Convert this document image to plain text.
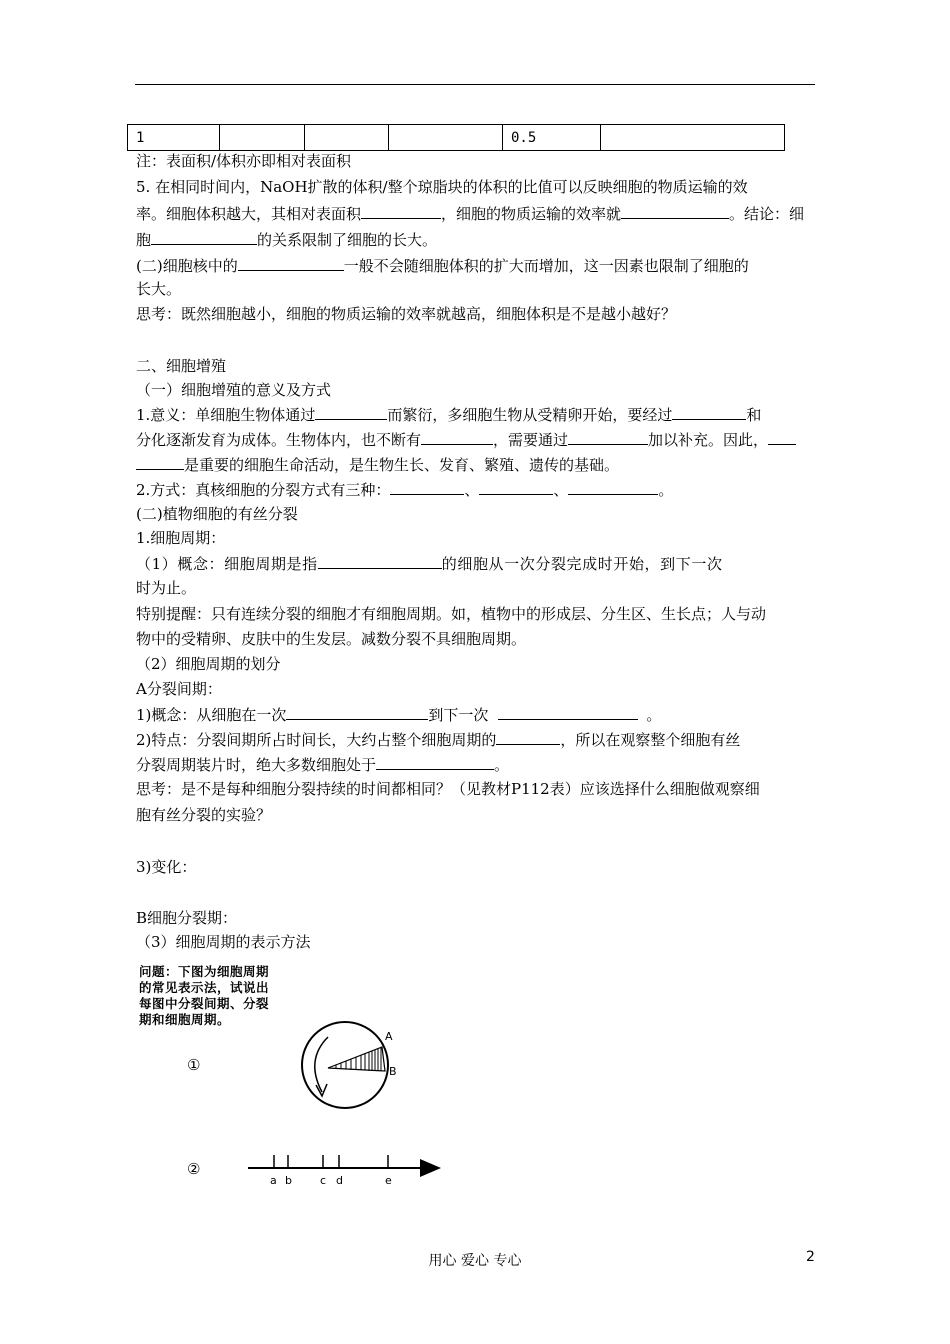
1				0.5	
注：表面积/体积亦即相对表面积
5. 在相同时间内，NaOH扩散的体积/整个琼脂块的体积的比值可以反映细胞的物质运输的效
率。细胞体积越大，其相对表面积	，细胞的物质运输的效率就	。结论：细
胞	的关系限制了细胞的长大。
(二)细胞核中的	一般不会随细胞体积的扩大而增加，这一因素也限制了细胞的
长大。
思考：既然细胞越小，细胞的物质运输的效率就越高，细胞体积是不是越小越好？
二、细胞增殖
（一）细胞增殖的意义及方式
1.意义：单细胞生物体通过	而繁衍，多细胞生物从受精卵开始，要经过	和
分化逐渐发育为成体。生物体内，也不断有	，需要通过	加以补充。因此，
是重要的细胞生命活动，是生物生长、发育、繁殖、遗传的基础。
2.方式：真核细胞的分裂方式有三种：	、	、	。
(二)植物细胞的有丝分裂
1.细胞周期：
（1）概念：细胞周期是指	的细胞从一次分裂完成时开始，到下一次
时为止。
特别提醒：只有连续分裂的细胞才有细胞周期。如，植物中的形成层、分生区、生长点；人与动
物中的受精卵、皮肤中的生发层。减数分裂不具细胞周期。
（2）细胞周期的划分
A分裂间期：
1)概念：从细胞在一次	到下一次	。
2)特点：分裂间期所占时间长，大约占整个细胞周期的	，所以在观察整个细胞有丝
分裂周期装片时，绝大多数细胞处于	。
思考：是不是每种细胞分裂持续的时间都相同？（见教材P112表）应该选择什么细胞做观察细
胞有丝分裂的实验？
3)变化：
B细胞分裂期：
（3）细胞周期的表示方法
问题：下图为细胞周期
的常见表示法，试说出
每图中分裂间期、分裂
期和细胞周期。
①
②
A
B
a b	c d	e
用心 爱心 专心	2
